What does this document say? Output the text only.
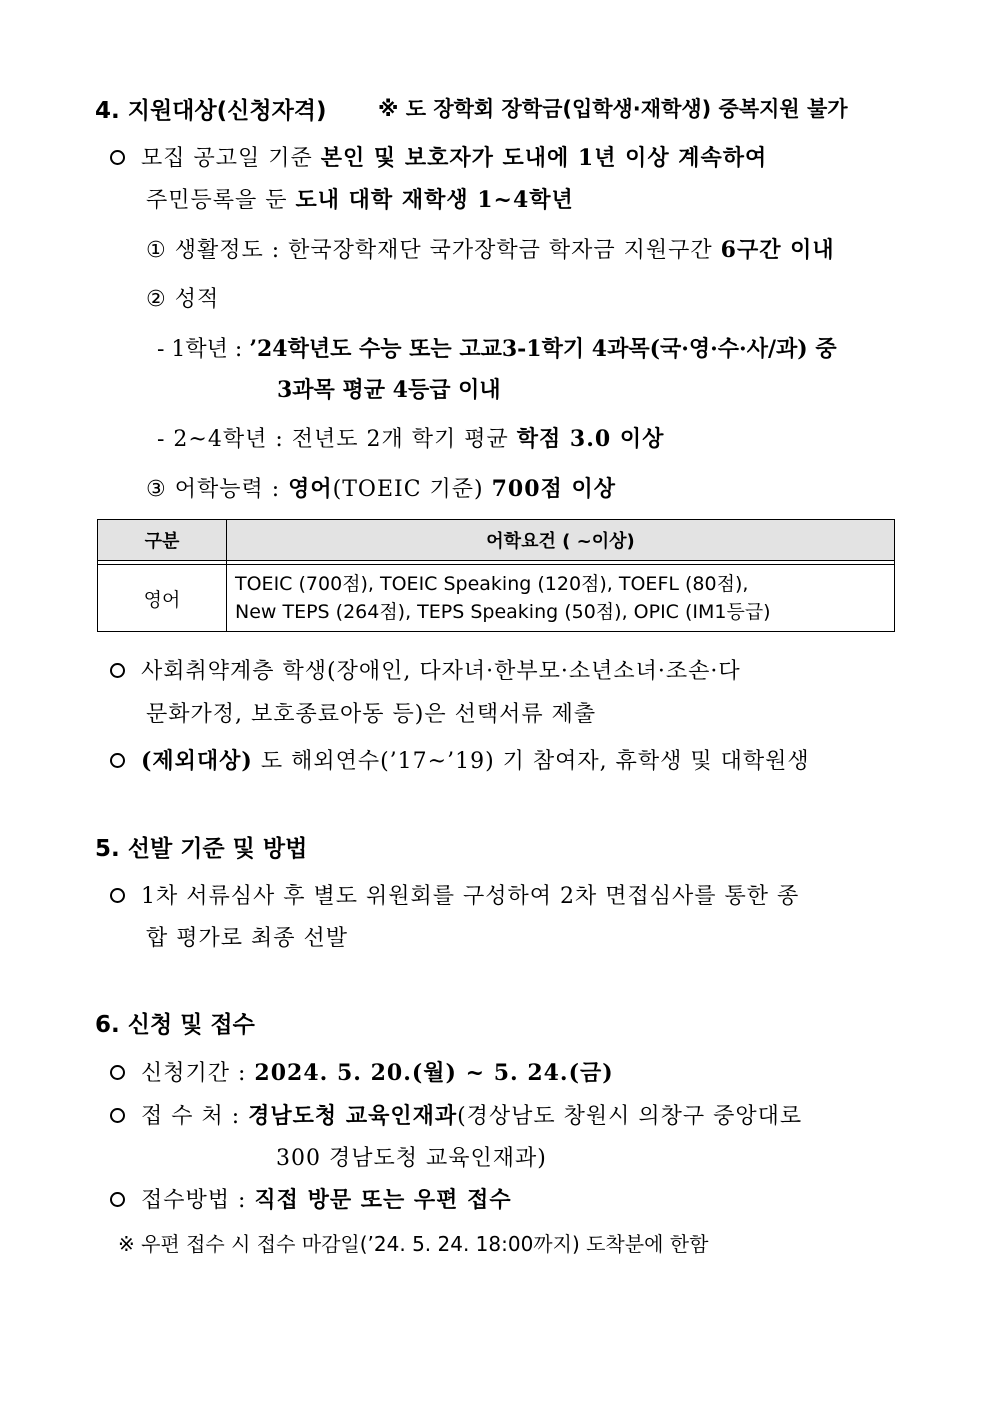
4. 지원대상(신청자격) ※ 도 장학회 장학금(입학생·재학생) 중복지원 불가
모집 공고일 기준 본인 및 보호자가 도내에 1년 이상 계속하여
주민등록을 둔 도내 대학 재학생 1~4학년
① 생활정도 : 한국장학재단 국가장학금 학자금 지원구간 6구간 이내
② 성적
- 1학년 : ’24학년도 수능 또는 고교3-1학기 4과목(국·영·수·사/과) 중
3과목 평균 4등급 이내
- 2~4학년 : 전년도 2개 학기 평균 학점 3.0 이상
③ 어학능력 : 영어(TOEIC 기준) 700점 이상
구분	어학요건 ( ~이상)

영어	TOEIC (700점), TOEIC Speaking (120점), TOEFL (80점),
New TEPS (264점), TEPS Speaking (50점), OPIC (IM1등급)
사회취약계층 학생(장애인, 다자녀·한부모·소년소녀·조손·다
문화가정, 보호종료아동 등)은 선택서류 제출
(제외대상) 도 해외연수(’17~’19) 기 참여자, 휴학생 및 대학원생
5. 선발 기준 및 방법
1차 서류심사 후 별도 위원회를 구성하여 2차 면접심사를 통한 종
합 평가로 최종 선발
6. 신청 및 접수
신청기간 : 2024. 5. 20.(월) ~ 5. 24.(금)
접 수 처 : 경남도청 교육인재과(경상남도 창원시 의창구 중앙대로
300 경남도청 교육인재과)
접수방법 : 직접 방문 또는 우편 접수
※ 우편 접수 시 접수 마감일(’24. 5. 24. 18:00까지) 도착분에 한함
